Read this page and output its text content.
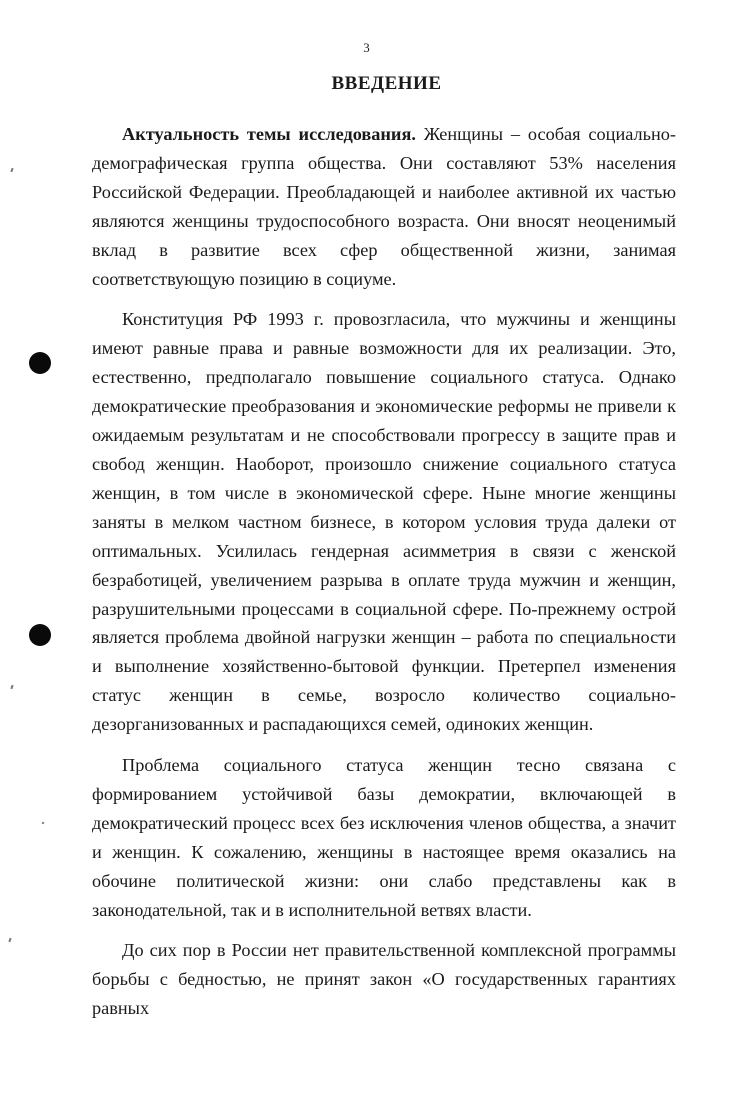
3
ВВЕДЕНИЕ

Актуальность темы исследования. Женщины – особая социально-демографическая группа общества. Они составляют 53% населения Российской Федерации. Преобладающей и наиболее активной их частью являются женщины трудоспособного возраста. Они вносят неоценимый вклад в развитие всех сфер общественной жизни, занимая соответствующую позицию в социуме.

Конституция РФ 1993 г. провозгласила, что мужчины и женщины имеют равные права и равные возможности для их реализации. Это, естественно, предполагало повышение социального статуса. Однако демократические преобразования и экономические реформы не привели к ожидаемым результатам и не способствовали прогрессу в защите прав и свобод женщин. Наоборот, произошло снижение социального статуса женщин, в том числе в экономической сфере. Ныне многие женщины заняты в мелком частном бизнесе, в котором условия труда далеки от оптимальных. Усилилась гендерная асимметрия в связи с женской безработицей, увеличением разрыва в оплате труда мужчин и женщин, разрушительными процессами в социальной сфере. По-прежнему острой является проблема двойной нагрузки женщин – работа по специальности и выполнение хозяйственно-бытовой функции. Претерпел изменения статус женщин в семье, возросло количество социально-дезорганизованных и распадающихся семей, одиноких женщин.

Проблема социального статуса женщин тесно связана с формированием устойчивой базы демократии, включающей в демократический процесс всех без исключения членов общества, а значит и женщин. К сожалению, женщины в настоящее время оказались на обочине политической жизни: они слабо представлены как в законодательной, так и в исполнительной ветвях власти.

До сих пор в России нет правительственной комплексной программы борьбы с бедностью, не принят закон «О государственных гарантиях равных
